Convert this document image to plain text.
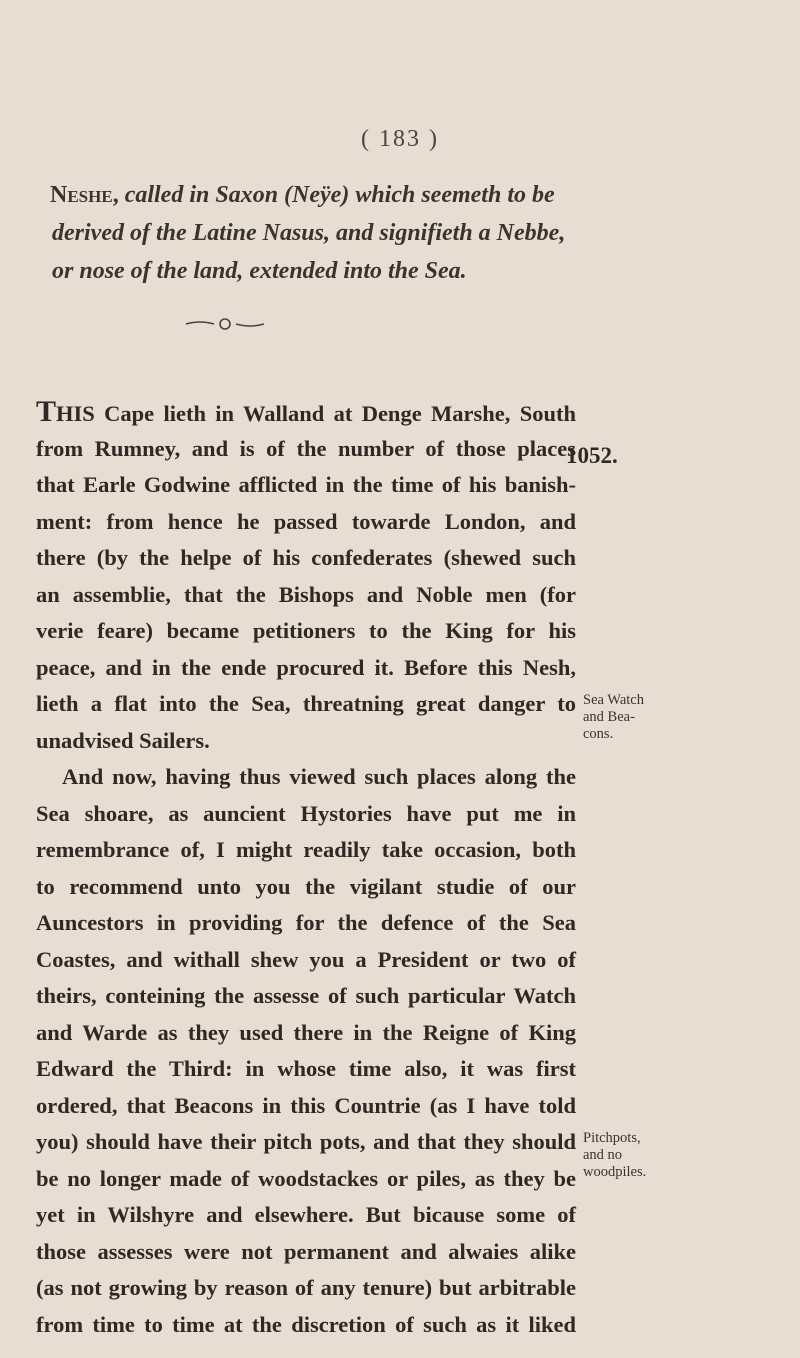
( 183 )
Neshe, called in Saxon (Neÿe) which seemeth to be
derived of the Latine Nasus, and signifieth a Nebbe,
or nose of the land, extended into the Sea.
THIS Cape lieth in Walland at Denge Marshe, South
from Rumney, and is of the number of those places
that Earle Godwine afflicted in the time of his banish-
ment: from hence he passed towarde London, and
there (by the helpe of his confederates (shewed such
an assemblie, that the Bishops and Noble men (for
verie feare) became petitioners to the King for his
peace, and in the ende procured it. Before this Nesh,
lieth a flat into the Sea, threatning great danger to
unadvised Sailers.
And now, having thus viewed such places along the
Sea shoare, as auncient Hystories have put me in
remembrance of, I might readily take occasion, both
to recommend unto you the vigilant studie of our
Auncestors in providing for the defence of the Sea
Coastes, and withall shew you a President or two of
theirs, conteining the assesse of such particular Watch
and Warde as they used there in the Reigne of King
Edward the Third: in whose time also, it was first
ordered, that Beacons in this Countrie (as I have told
you) should have their pitch pots, and that they should
be no longer made of woodstackes or piles, as they be
yet in Wilshyre and elsewhere. But bicause some of
those assesses were not permanent and alwaies alike
(as not growing by reason of any tenure) but arbitrable
from time to time at the discretion of such as it liked
1052.
Sea Watch
and Bea-
cons.
Pitchpots,
and no
woodpiles.
